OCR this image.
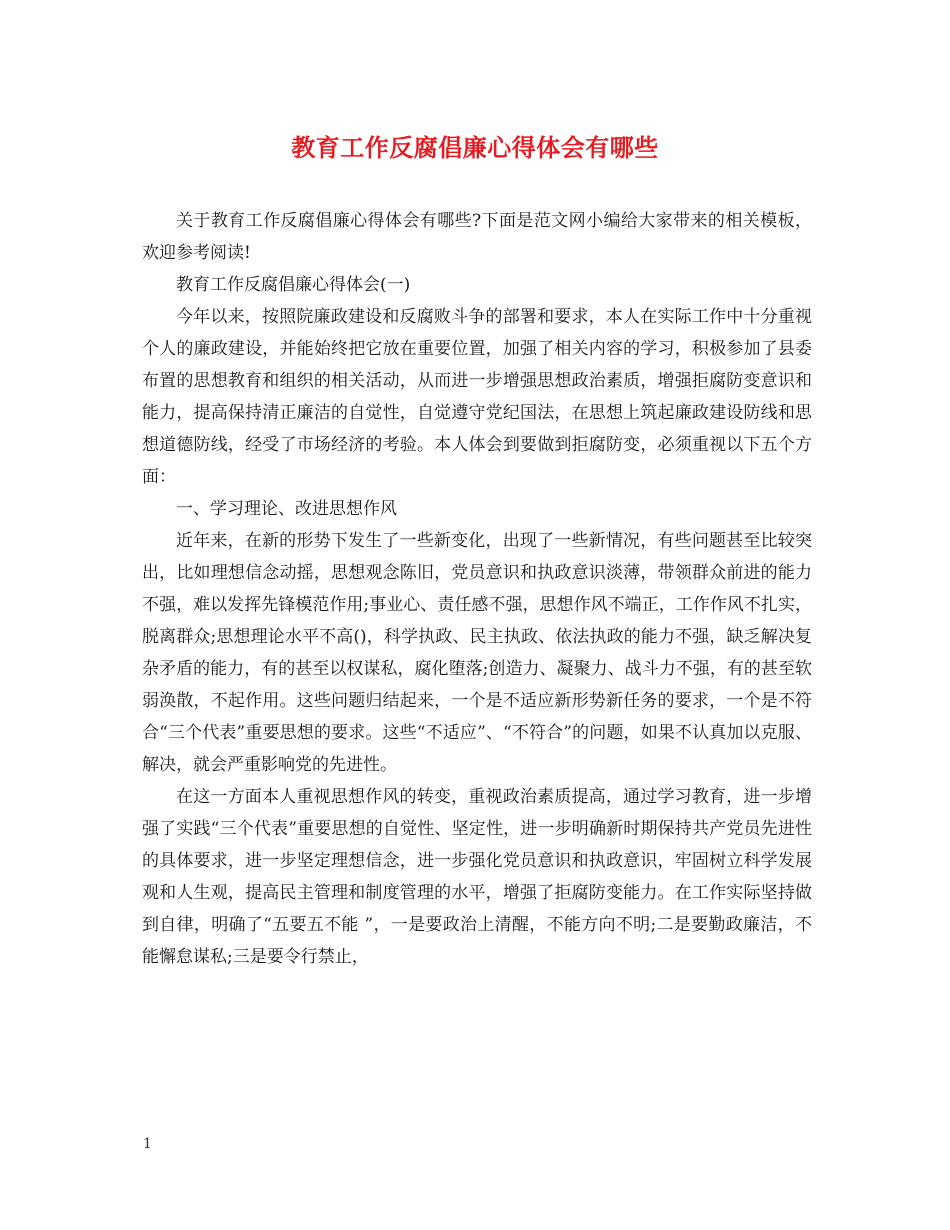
教育工作反腐倡廉心得体会有哪些

关于教育工作反腐倡廉心得体会有哪些?下面是范文网小编给大家带来的相关模板，欢迎参考阅读!

教育工作反腐倡廉心得体会(一)

今年以来，按照院廉政建设和反腐败斗争的部署和要求，本人在实际工作中十分重视个人的廉政建设，并能始终把它放在重要位置，加强了相关内容的学习，积极参加了县委布置的思想教育和组织的相关活动，从而进一步增强思想政治素质，增强拒腐防变意识和能力，提高保持清正廉洁的自觉性，自觉遵守党纪国法，在思想上筑起廉政建设防线和思想道德防线，经受了市场经济的考验。本人体会到要做到拒腐防变，必须重视以下五个方面：

一、学习理论、改进思想作风

近年来，在新的形势下发生了一些新变化，出现了一些新情况，有些问题甚至比较突出，比如理想信念动摇，思想观念陈旧，党员意识和执政意识淡薄，带领群众前进的能力不强，难以发挥先锋模范作用;事业心、责任感不强，思想作风不端正，工作作风不扎实，脱离群众;思想理论水平不高()，科学执政、民主执政、依法执政的能力不强，缺乏解决复杂矛盾的能力，有的甚至以权谋私，腐化堕落;创造力、凝聚力、战斗力不强，有的甚至软弱涣散，不起作用。这些问题归结起来，一个是不适应新形势新任务的要求，一个是不符合“三个代表”重要思想的要求。这些“不适应”、“不符合”的问题，如果不认真加以克服、解决，就会严重影响党的先进性。

在这一方面本人重视思想作风的转变，重视政治素质提高，通过学习教育，进一步增强了实践“三个代表”重要思想的自觉性、坚定性，进一步明确新时期保持共产党员先进性的具体要求，进一步坚定理想信念，进一步强化党员意识和执政意识，牢固树立科学发展观和人生观，提高民主管理和制度管理的水平，增强了拒腐防变能力。在工作实际坚持做到自律，明确了“五要五不能 ”，一是要政治上清醒，不能方向不明;二是要勤政廉洁，不能懈怠谋私;三是要令行禁止，

1
